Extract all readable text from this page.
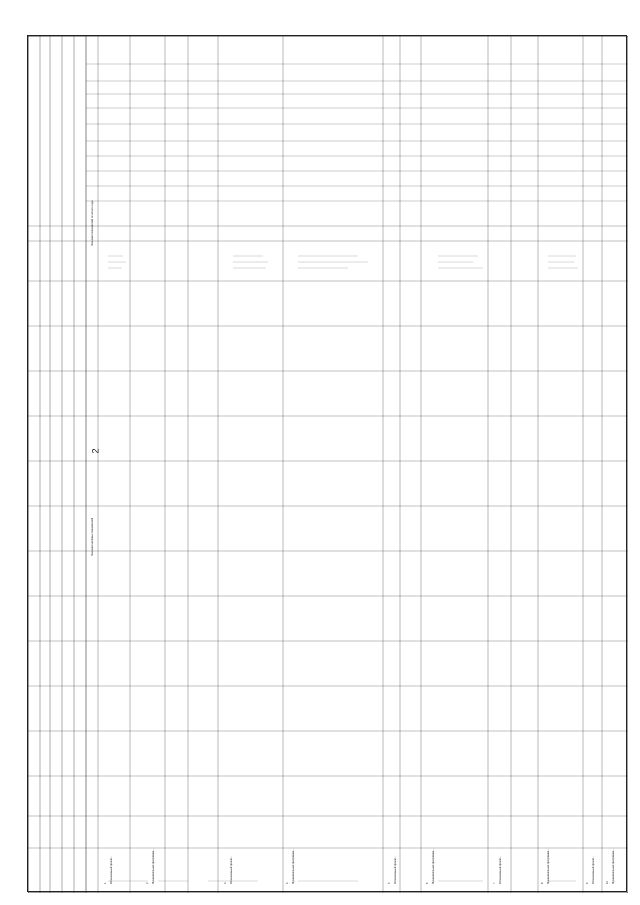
2
Значения целевых показателей
Значения показателей отчетного года
1 Региональный проект...	2 Муниципальная программа...	3 Региональный проект...	4 Муниципальная программа...	5 Региональный проект...	6 Муниципальная программа...	7 Региональный проект...	8 Муниципальная программа...	9 Региональный проект...	10 Муниципальная программа...
